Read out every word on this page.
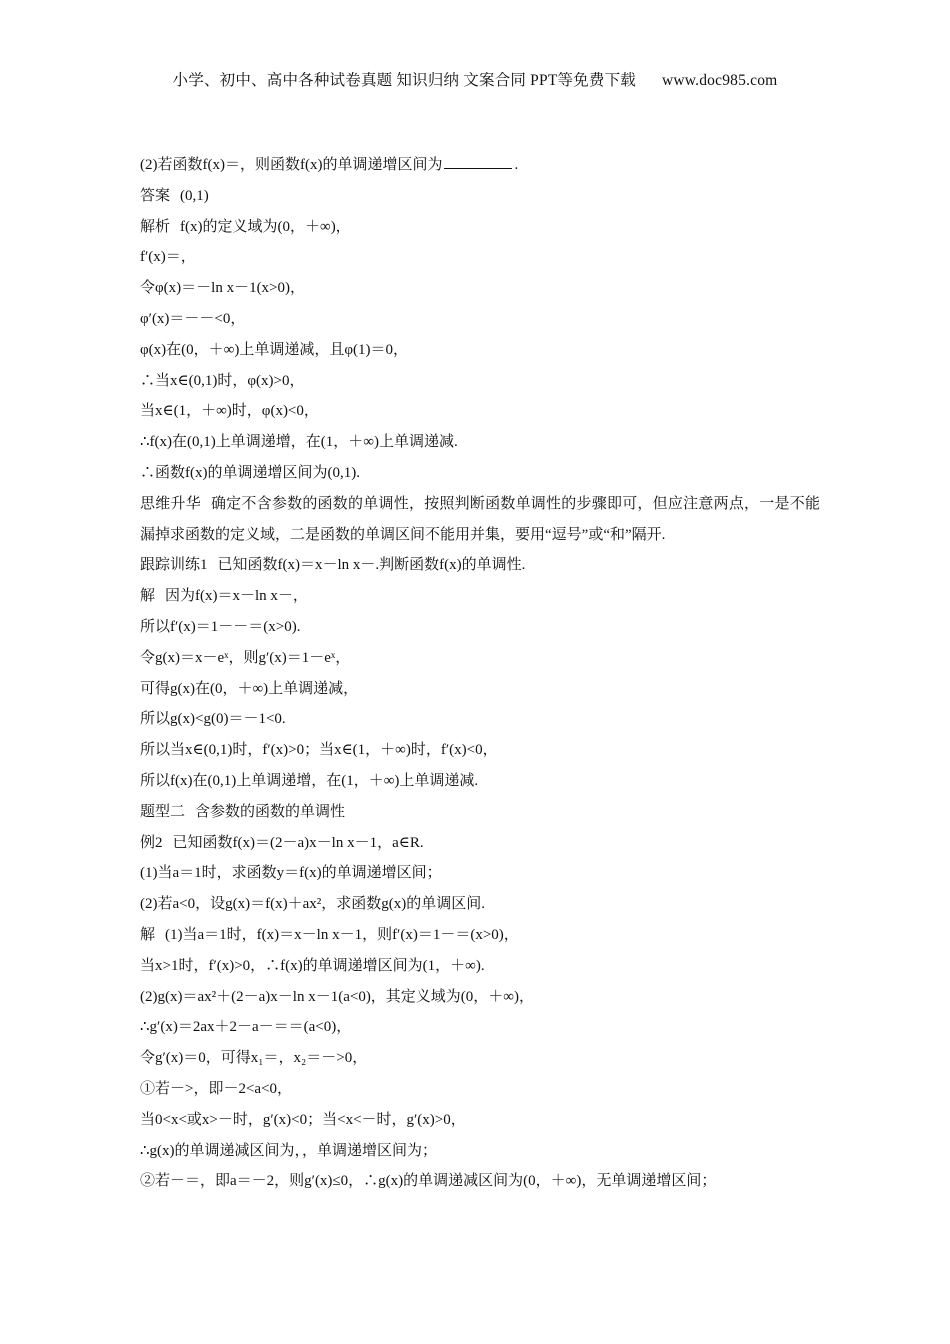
小学、初中、高中各种试卷真题 知识归纳 文案合同 PPT等免费下载 www.doc985.com
(2)若函数f(x)＝，则函数f(x)的单调递增区间为	.
答案 (0,1)
解析 f(x)的定义域为(0，＋∞)，
f′(x)＝，
令φ(x)＝－ln x－1(x>0)，
φ′(x)＝－－<0，
φ(x)在(0，＋∞)上单调递减，且φ(1)＝0，
∴当x∈(0,1)时，φ(x)>0，
当x∈(1，＋∞)时，φ(x)<0，
∴f(x)在(0,1)上单调递增，在(1，＋∞)上单调递减.
∴函数f(x)的单调递增区间为(0,1).
思维升华 确定不含参数的函数的单调性，按照判断函数单调性的步骤即可，但应注意两点，一是不能漏掉求函数的定义域，二是函数的单调区间不能用并集，要用“逗号”或“和”隔开.
跟踪训练1 已知函数f(x)＝x－ln x－.判断函数f(x)的单调性.
解 因为f(x)＝x－ln x－，
所以f′(x)＝1－－＝(x>0).
令g(x)＝x－eˣ，则g′(x)＝1－eˣ，
可得g(x)在(0，＋∞)上单调递减，
所以g(x)<g(0)＝－1<0.
所以当x∈(0,1)时，f′(x)>0；当x∈(1，＋∞)时，f′(x)<0，
所以f(x)在(0,1)上单调递增，在(1，＋∞)上单调递减.
题型二 含参数的函数的单调性
例2 已知函数f(x)＝(2－a)x－ln x－1，a∈R.
(1)当a＝1时，求函数y＝f(x)的单调递增区间；
(2)若a<0，设g(x)＝f(x)＋ax²，求函数g(x)的单调区间.
解 (1)当a＝1时，f(x)＝x－ln x－1，则f′(x)＝1－＝(x>0)，
当x>1时，f′(x)>0，∴f(x)的单调递增区间为(1，＋∞).
(2)g(x)＝ax²＋(2－a)x－ln x－1(a<0)，其定义域为(0，＋∞)，
∴g′(x)＝2ax＋2－a－＝＝(a<0)，
令g′(x)＝0，可得x₁＝，x₂＝－>0，
①若－>，即－2<a<0，
当0<x<或x>－时，g′(x)<0；当<x<－时，g′(x)>0，
∴g(x)的单调递减区间为，，单调递增区间为；
②若－＝，即a＝－2，则g′(x)≤0，∴g(x)的单调递减区间为(0，＋∞)，无单调递增区间；
